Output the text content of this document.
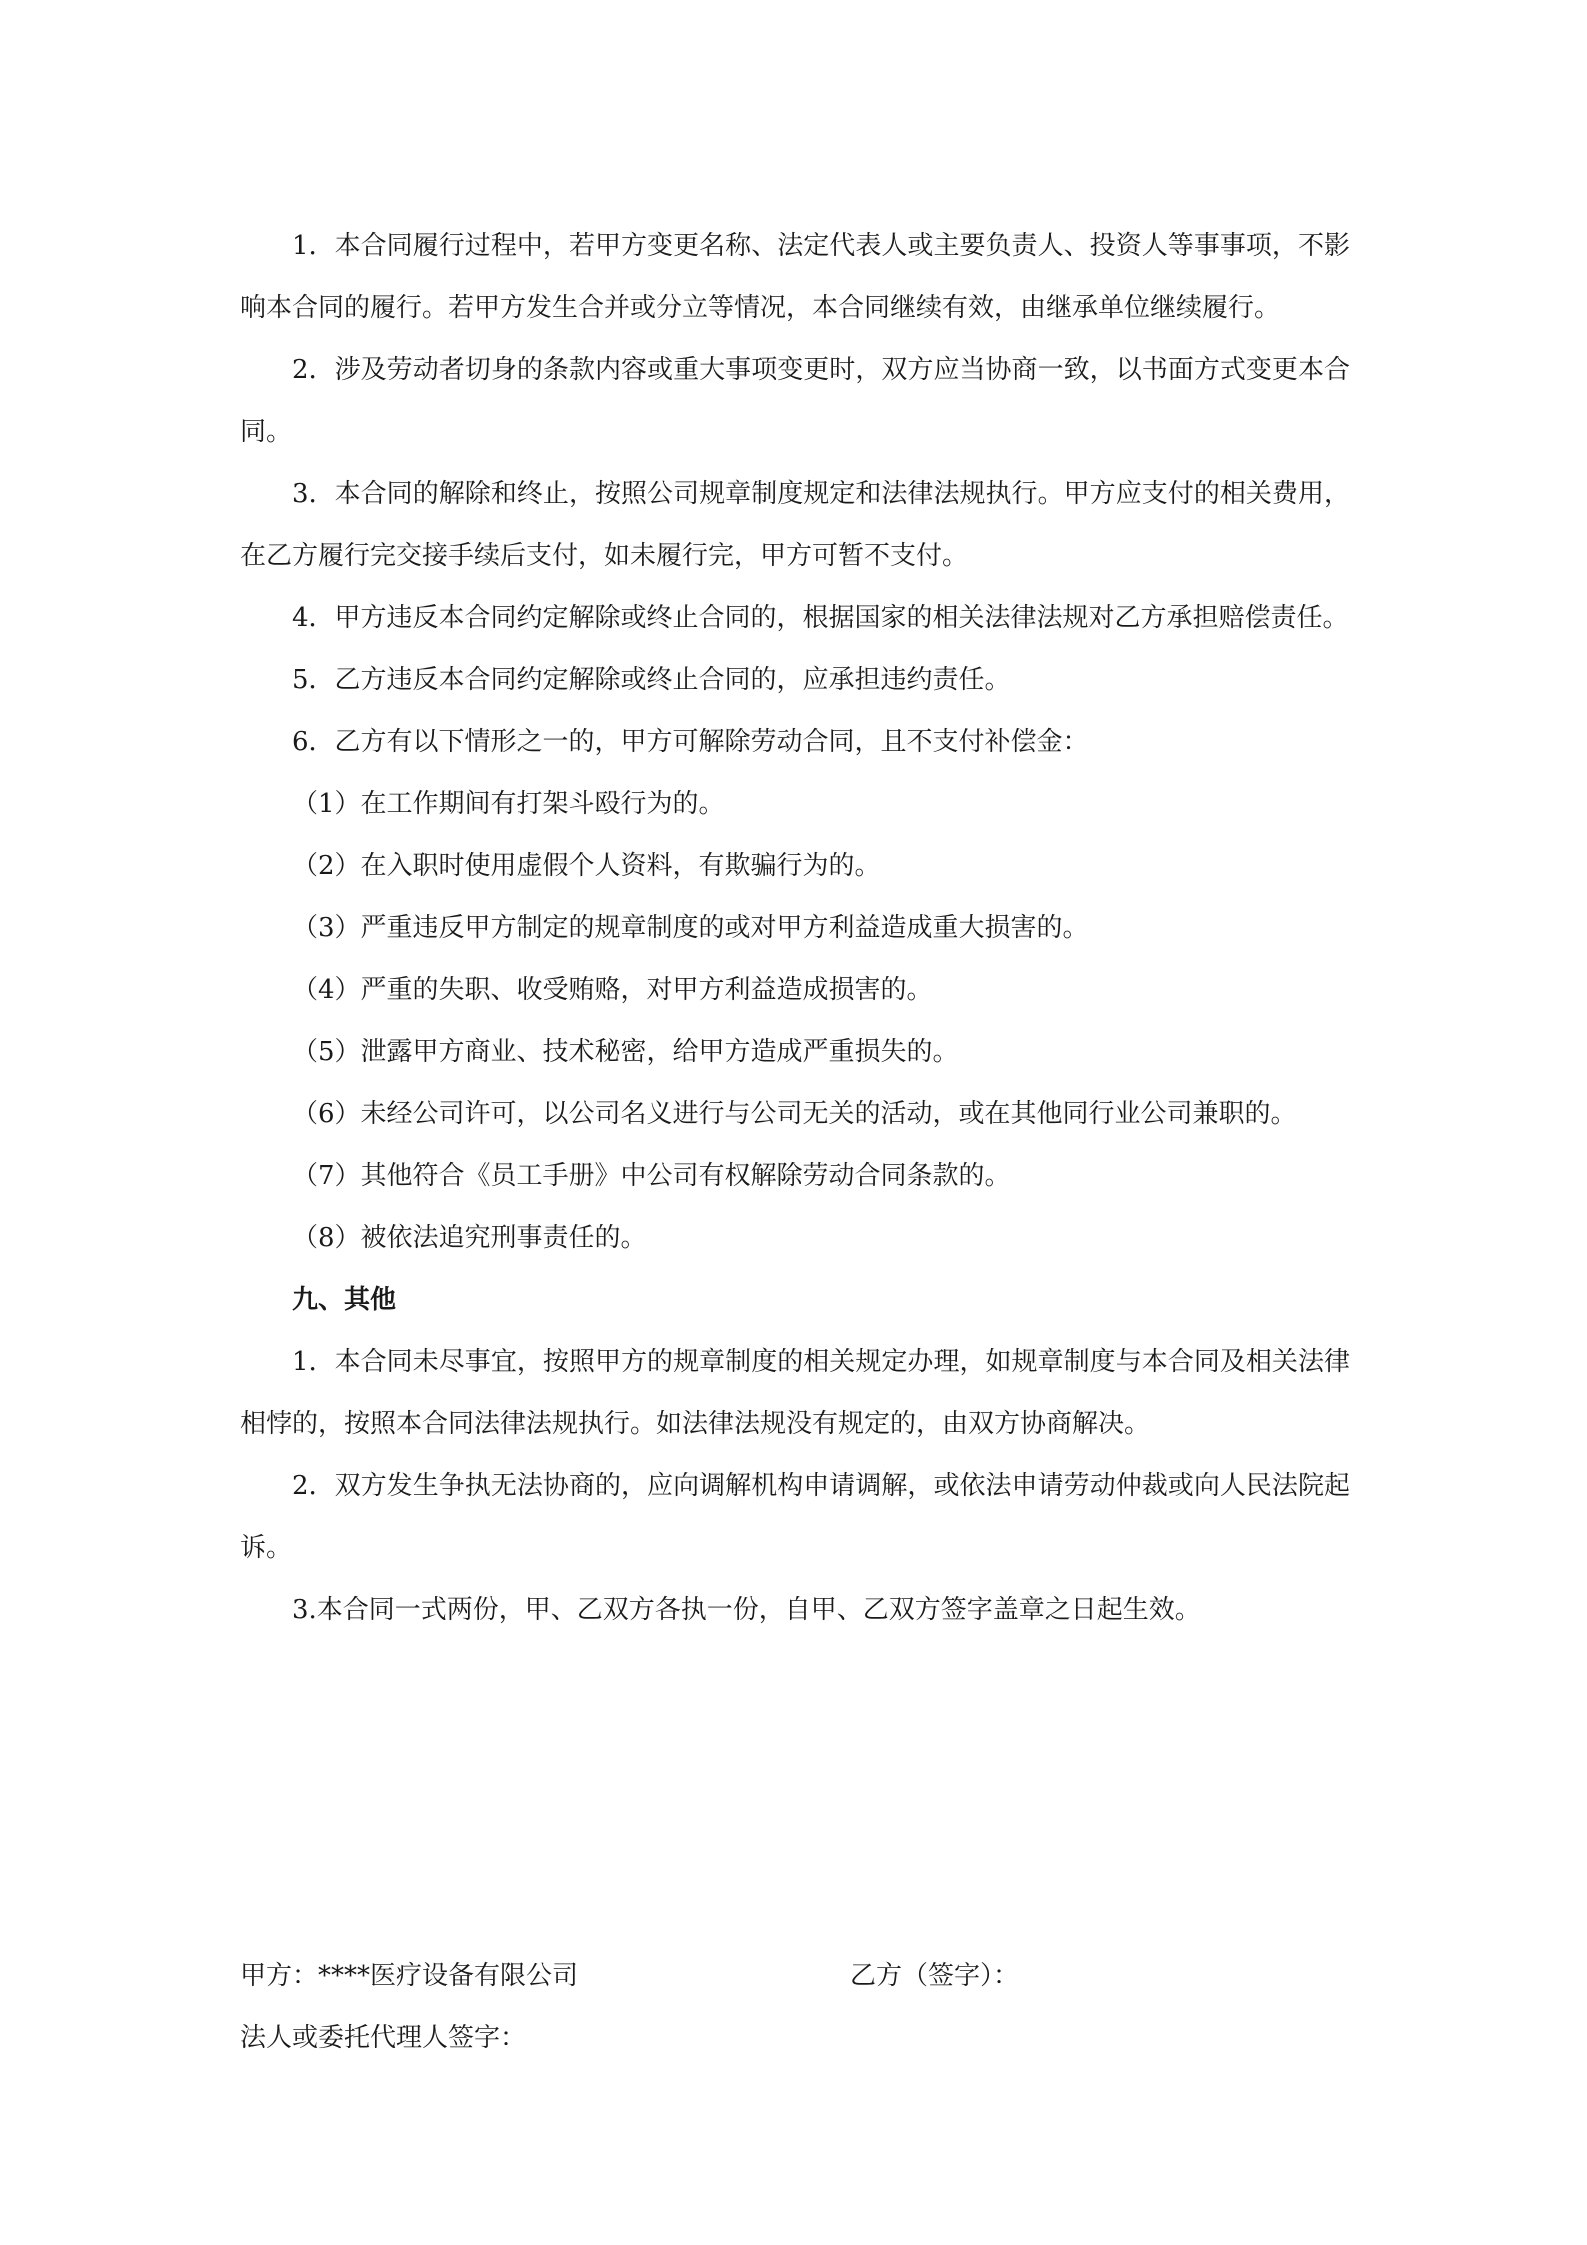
1．本合同履行过程中，若甲方变更名称、法定代表人或主要负责人、投资人等事事项，不影响本合同的履行。若甲方发生合并或分立等情况，本合同继续有效，由继承单位继续履行。

2．涉及劳动者切身的条款内容或重大事项变更时，双方应当协商一致，以书面方式变更本合同。

3．本合同的解除和终止，按照公司规章制度规定和法律法规执行。甲方应支付的相关费用，在乙方履行完交接手续后支付，如未履行完，甲方可暂不支付。

4．甲方违反本合同约定解除或终止合同的，根据国家的相关法律法规对乙方承担赔偿责任。

5．乙方违反本合同约定解除或终止合同的，应承担违约责任。

6．乙方有以下情形之一的，甲方可解除劳动合同，且不支付补偿金：

（1）在工作期间有打架斗殴行为的。

（2）在入职时使用虚假个人资料，有欺骗行为的。

（3）严重违反甲方制定的规章制度的或对甲方利益造成重大损害的。

（4）严重的失职、收受贿赂，对甲方利益造成损害的。

（5）泄露甲方商业、技术秘密，给甲方造成严重损失的。

（6）未经公司许可，以公司名义进行与公司无关的活动，或在其他同行业公司兼职的。

（7）其他符合《员工手册》中公司有权解除劳动合同条款的。

（8）被依法追究刑事责任的。

九、其他

1．本合同未尽事宜，按照甲方的规章制度的相关规定办理，如规章制度与本合同及相关法律相悖的，按照本合同法律法规执行。如法律法规没有规定的，由双方协商解决。

2．双方发生争执无法协商的，应向调解机构申请调解，或依法申请劳动仲裁或向人民法院起诉。

3.本合同一式两份，甲、乙双方各执一份，自甲、乙双方签字盖章之日起生效。

甲方：****医疗设备有限公司	乙方（签字）：
法人或委托代理人签字：
